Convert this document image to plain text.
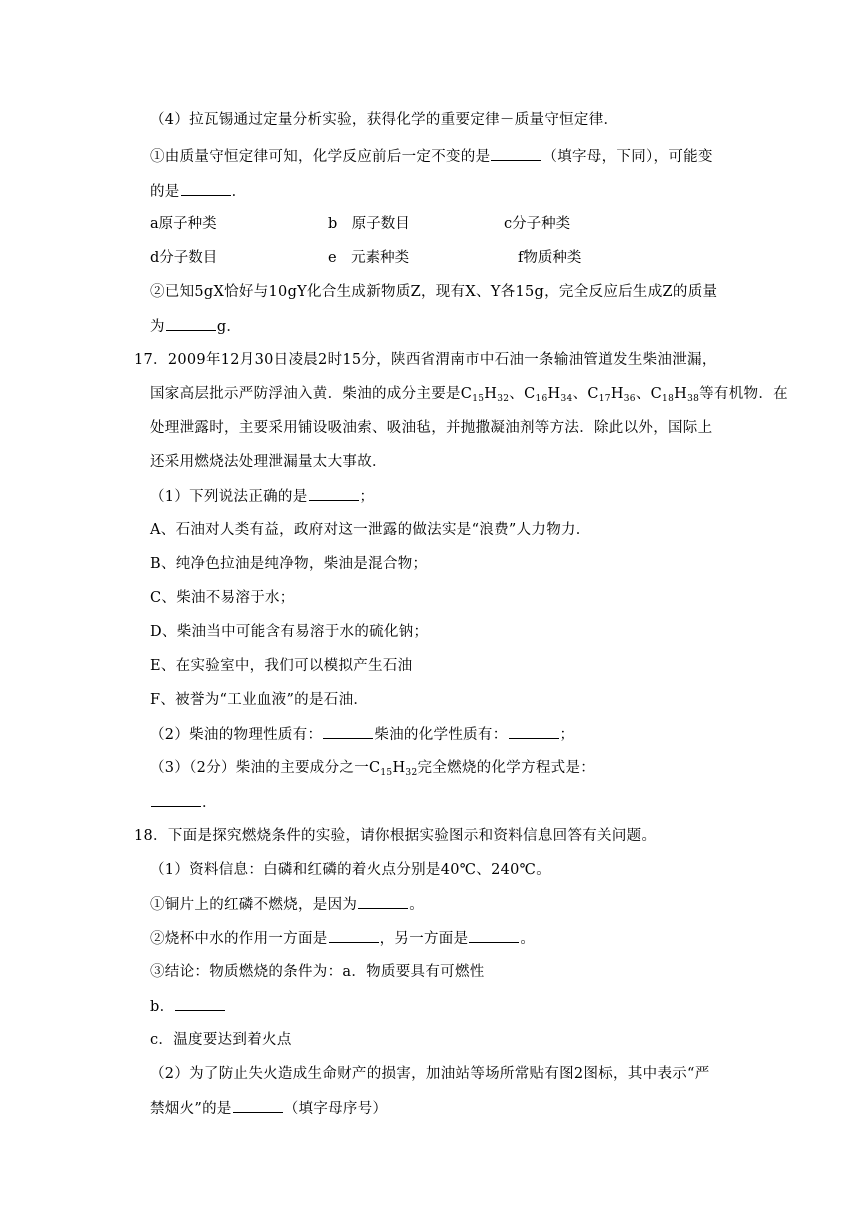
（4）拉瓦锡通过定量分析实验，获得化学的重要定律－质量守恒定律．
①由质量守恒定律可知，化学反应前后一定不变的是	（填字母，下同），可能变
的是	．
a原子种类	b　原子数目	c分子种类
d分子数目	e　元素种类	f物质种类
②已知5gX恰好与10gY化合生成新物质Z，现有X、Y各15g，完全反应后生成Z的质量
为	g．
17．2009年12月30日凌晨2时15分，陕西省渭南市中石油一条输油管道发生柴油泄漏，
国家高层批示严防浮油入黄．柴油的成分主要是$C_{15}H_{32}$、$C_{16}H_{34}$、$C_{17}H_{36}$、$C_{18}H_{38}$等有机物．在
处理泄露时，主要采用铺设吸油索、吸油毡，并抛撒凝油剂等方法．除此以外，国际上
还采用燃烧法处理泄漏量太大事故．
（1）下列说法正确的是	；
A、石油对人类有益，政府对这一泄露的做法实是“浪费”人力物力．
B、纯净色拉油是纯净物，柴油是混合物；
C、柴油不易溶于水；
D、柴油当中可能含有易溶于水的硫化钠；
E、在实验室中，我们可以模拟产生石油
F、被誉为“工业血液”的是石油．
（2）柴油的物理性质有：	柴油的化学性质有：	；
（3）（2分）柴油的主要成分之一$C_{15}H_{32}$完全燃烧的化学方程式是：
．
18．下面是探究燃烧条件的实验，请你根据实验图示和资料信息回答有关问题。
（1）资料信息：白磷和红磷的着火点分别是40℃、240℃。
①铜片上的红磷不燃烧，是因为	。
②烧杯中水的作用一方面是	，另一方面是	。
③结论：物质燃烧的条件为：a．物质要具有可燃性
b．
c．温度要达到着火点
（2）为了防止失火造成生命财产的损害，加油站等场所常贴有图2图标，其中表示“严
禁烟火”的是	（填字母序号）
